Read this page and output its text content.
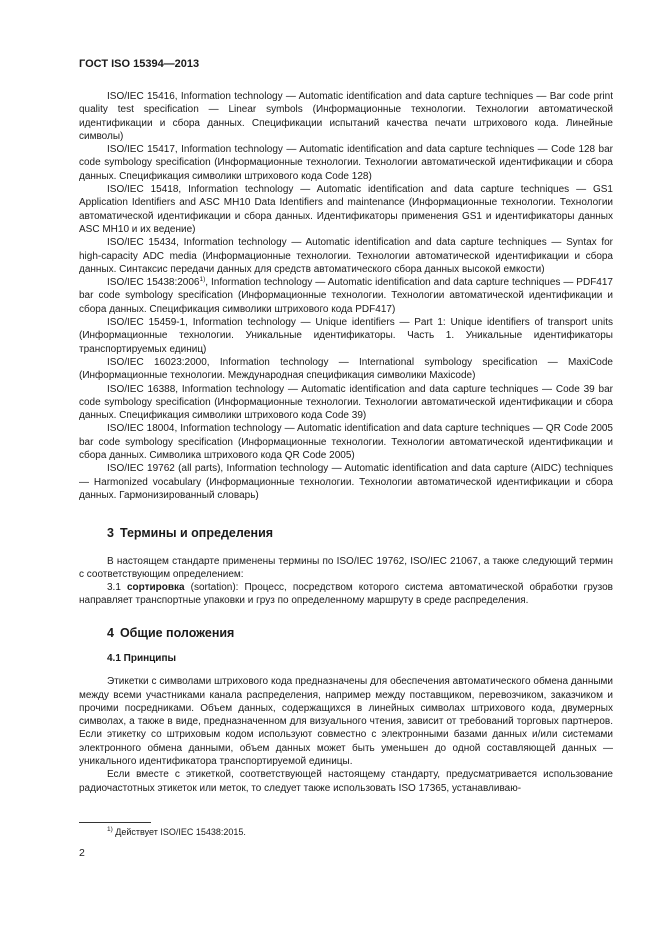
ГОСТ ISO 15394—2013

ISO/IEC 15416, Information technology — Automatic identification and data capture techniques — Bar code print quality test specification — Linear symbols (Информационные технологии. Технологии автоматической идентификации и сбора данных. Спецификации испытаний качества печати штрихового кода. Линейные символы)

ISO/IEC 15417, Information technology — Automatic identification and data capture techniques — Code 128 bar code symbology specification (Информационные технологии. Технологии автоматической идентификации и сбора данных. Спецификация символики штрихового кода Code 128)

ISO/IEC 15418, Information technology — Automatic identification and data capture techniques — GS1 Application Identifiers and ASC MH10 Data Identifiers and maintenance (Информационные технологии. Технологии автоматической идентификации и сбора данных. Идентификаторы применения GS1 и идентификаторы данных ASC MH10 и их ведение)

ISO/IEC 15434, Information technology — Automatic identification and data capture techniques — Syntax for high-capacity ADC media (Информационные технологии. Технологии автоматической идентификации и сбора данных. Синтаксис передачи данных для средств автоматического сбора данных высокой емкости)

ISO/IEC 15438:2006$^{1)}$, Information technology — Automatic identification and data capture techniques — PDF417 bar code symbology specification (Информационные технологии. Технологии автоматической идентификации и сбора данных. Спецификация символики штрихового кода PDF417)

ISO/IEC 15459-1, Information technology — Unique identifiers — Part 1: Unique identifiers of transport units (Информационные технологии. Уникальные идентификаторы. Часть 1. Уникальные идентификаторы транспортируемых единиц)

ISO/IEC 16023:2000, Information technology — International symbology specification — MaxiCode (Информационные технологии. Международная спецификация символики Maxicode)

ISO/IEC 16388, Information technology — Automatic identification and data capture techniques — Code 39 bar code symbology specification (Информационные технологии. Технологии автоматической идентификации и сбора данных. Спецификация символики штрихового кода Code 39)

ISO/IEC 18004, Information technology — Automatic identification and data capture techniques — QR Code 2005 bar code symbology specification (Информационные технологии. Технологии автоматической идентификации и сбора данных. Символика штрихового кода QR Code 2005)

ISO/IEC 19762 (all parts), Information technology — Automatic identification and data capture (AIDC) techniques — Harmonized vocabulary (Информационные технологии. Технологии автоматической идентификации и сбора данных. Гармонизированный словарь)

3 Термины и определения

В настоящем стандарте применены термины по ISO/IEC 19762, ISO/IEC 21067, а также следующий термин с соответствующим определением:

3.1 сортировка (sortation): Процесс, посредством которого система автоматической обработки грузов направляет транспортные упаковки и груз по определенному маршруту в среде распределения.

4 Общие положения
4.1 Принципы

Этикетки с символами штрихового кода предназначены для обеспечения автоматического обмена данными между всеми участниками канала распределения, например между поставщиком, перевозчиком, заказчиком и прочими посредниками. Объем данных, содержащихся в линейных символах штрихового кода, двумерных символах, а также в виде, предназначенном для визуального чтения, зависит от требований торговых партнеров. Если этикетку со штриховым кодом используют совместно с электронными базами данных и/или системами электронного обмена данными, объем данных может быть уменьшен до одной составляющей данных — уникального идентификатора транспортируемой единицы.

Если вместе с этикеткой, соответствующей настоящему стандарту, предусматривается использование радиочастотных этикеток или меток, то следует также использовать ISO 17365, устанавливаю-

$^{1)}$ Действует ISO/IEC 15438:2015.
2
